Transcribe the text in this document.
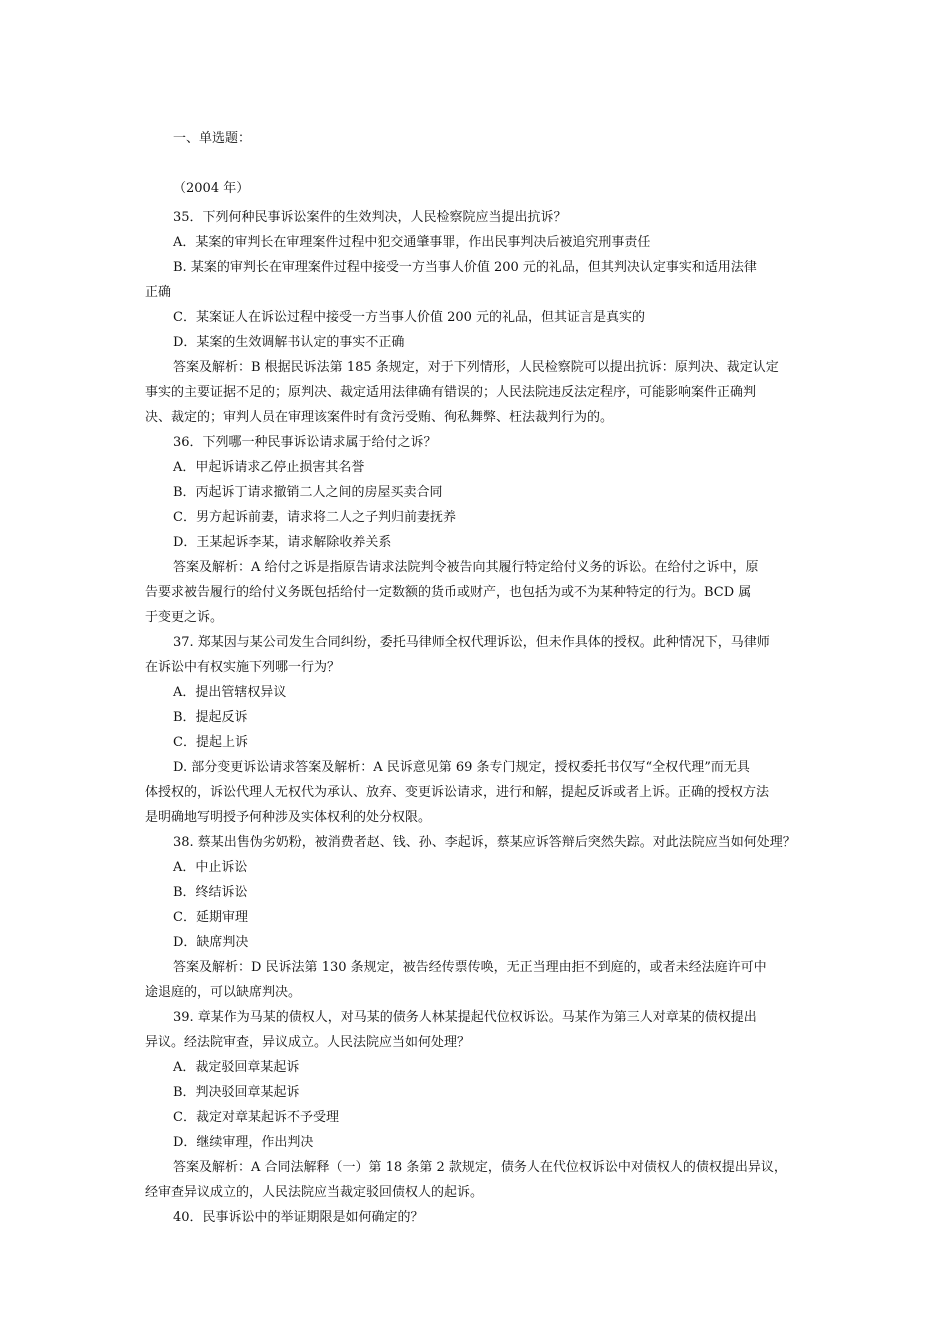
一、单选题：
（2004 年）
35．下列何种民事诉讼案件的生效判决，人民检察院应当提出抗诉？
A．某案的审判长在审理案件过程中犯交通肇事罪，作出民事判决后被追究刑事责任
B. 某案的审判长在审理案件过程中接受一方当事人价值 200 元的礼品，但其判决认定事实和适用法律
正确
C．某案证人在诉讼过程中接受一方当事人价值 200 元的礼品，但其证言是真实的
D．某案的生效调解书认定的事实不正确
答案及解析：B 根据民诉法第 185 条规定，对于下列情形，人民检察院可以提出抗诉：原判决、裁定认定
事实的主要证据不足的；原判决、裁定适用法律确有错误的；人民法院违反法定程序，可能影响案件正确判
决、裁定的；审判人员在审理该案件时有贪污受贿、徇私舞弊、枉法裁判行为的。
36．下列哪一种民事诉讼请求属于给付之诉？
A．甲起诉请求乙停止损害其名誉
B．丙起诉丁请求撤销二人之间的房屋买卖合同
C．男方起诉前妻，请求将二人之子判归前妻抚养
D．王某起诉李某，请求解除收养关系
答案及解析：A 给付之诉是指原告请求法院判令被告向其履行特定给付义务的诉讼。在给付之诉中，原
告要求被告履行的给付义务既包括给付一定数额的货币或财产，也包括为或不为某种特定的行为。BCD 属
于变更之诉。
37. 郑某因与某公司发生合同纠纷，委托马律师全权代理诉讼，但未作具体的授权。此种情况下，马律师
在诉讼中有权实施下列哪一行为？
A．提出管辖权异议
B．提起反诉
C．提起上诉
D. 部分变更诉讼请求答案及解析：A 民诉意见第 69 条专门规定，授权委托书仅写“全权代理”而无具
体授权的，诉讼代理人无权代为承认、放弃、变更诉讼请求，进行和解，提起反诉或者上诉。正确的授权方法
是明确地写明授予何种涉及实体权利的处分权限。
38. 蔡某出售伪劣奶粉，被消费者赵、钱、孙、李起诉，蔡某应诉答辩后突然失踪。对此法院应当如何处理？
A．中止诉讼
B．终结诉讼
C．延期审理
D．缺席判决
答案及解析：D 民诉法第 130 条规定，被告经传票传唤，无正当理由拒不到庭的，或者未经法庭许可中
途退庭的，可以缺席判决。
39. 章某作为马某的债权人，对马某的债务人林某提起代位权诉讼。马某作为第三人对章某的债权提出
异议。经法院审查，异议成立。人民法院应当如何处理？
A．裁定驳回章某起诉
B．判决驳回章某起诉
C．裁定对章某起诉不予受理
D．继续审理，作出判决
答案及解析：A 合同法解释（一）第 18 条第 2 款规定，债务人在代位权诉讼中对债权人的债权提出异议，
经审查异议成立的，人民法院应当裁定驳回债权人的起诉。
40．民事诉讼中的举证期限是如何确定的？
